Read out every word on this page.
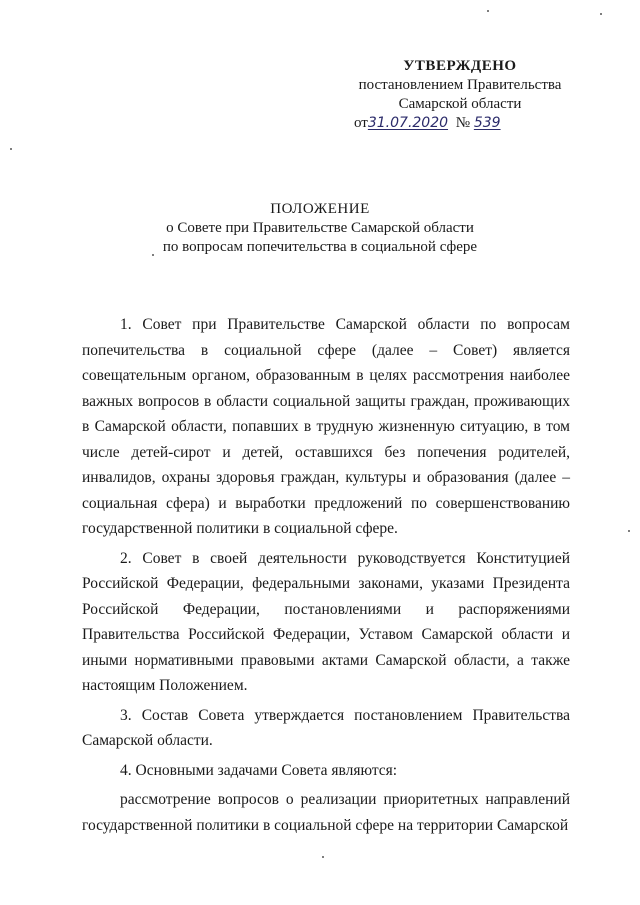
УТВЕРЖДЕНО
постановлением Правительства
Самарской области
от31.07.2020 № 539
ПОЛОЖЕНИЕ
о Совете при Правительстве Самарской области
по вопросам попечительства в социальной сфере

1. Совет при Правительстве Самарской области по вопросам попечительства в социальной сфере (далее – Совет) является совещательным органом, образованным в целях рассмотрения наиболее важных вопросов в области социальной защиты граждан, проживающих в Самарской области, попавших в трудную жизненную ситуацию, в том числе детей-сирот и детей, оставшихся без попечения родителей, инвалидов, охраны здоровья граждан, культуры и образования (далее – социальная сфера) и выработки предложений по совершенствованию государственной политики в социальной сфере.

2. Совет в своей деятельности руководствуется Конституцией Российской Федерации, федеральными законами, указами Президента Российской Федерации, постановлениями и распоряжениями Правительства Российской Федерации, Уставом Самарской области и иными нормативными правовыми актами Самарской области, а также настоящим Положением.

3. Состав Совета утверждается постановлением Правительства Самарской области.

4. Основными задачами Совета являются:

рассмотрение вопросов о реализации приоритетных направлений государственной политики в социальной сфере на территории Самарской
